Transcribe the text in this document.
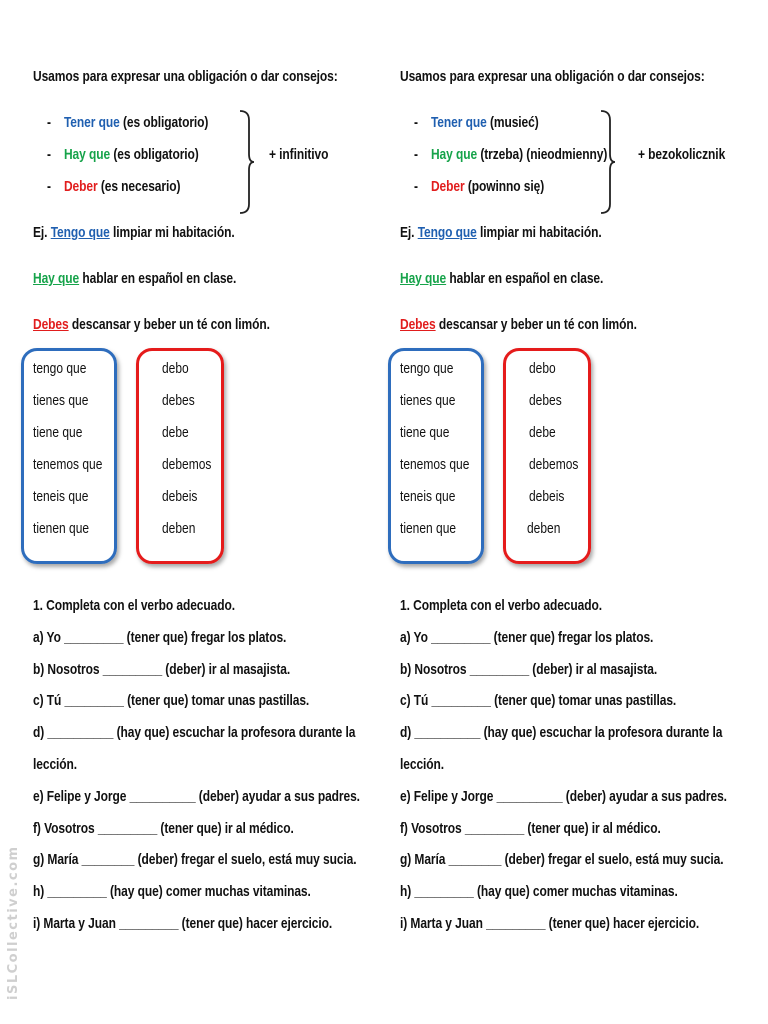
Usamos para expresar una obligación o dar consejos:
- Tener que (es obligatorio)
- Hay que (es obligatorio)
- Deber (es necesario)
+ infinitivo
Ej. Tengo que limpiar mi habitación.
Hay que hablar en español en clase.
Debes descansar y beber un té con limón.
tengo que
tienes que
tiene que
tenemos que
teneis que
tienen que
debo
debes
debe
debemos
debeis
deben
1. Completa con el verbo adecuado.
a) Yo _________ (tener que) fregar los platos.
b) Nosotros _________ (deber) ir al masajista.
c) Tú _________ (tener que) tomar unas pastillas.
d) __________ (hay que) escuchar la profesora durante la
lección.
e) Felipe y Jorge __________ (deber) ayudar a sus padres.
f) Vosotros _________ (tener que) ir al médico.
g) María ________ (deber) fregar el suelo, está muy sucia.
h) _________ (hay que) comer muchas vitaminas.
i) Marta y Juan _________ (tener que) hacer ejercicio.
Usamos para expresar una obligación o dar consejos:
- Tener que (musieć)
- Hay que (trzeba) (nieodmienny)
- Deber (powinno się)
+ bezokolicznik
Ej. Tengo que limpiar mi habitación.
Hay que hablar en español en clase.
Debes descansar y beber un té con limón.
tengo que
tienes que
tiene que
tenemos que
teneis que
tienen que
debo
debes
debe
debemos
debeis
deben
1. Completa con el verbo adecuado.
a) Yo _________ (tener que) fregar los platos.
b) Nosotros _________ (deber) ir al masajista.
c) Tú _________ (tener que) tomar unas pastillas.
d) __________ (hay que) escuchar la profesora durante la
lección.
e) Felipe y Jorge __________ (deber) ayudar a sus padres.
f) Vosotros _________ (tener que) ir al médico.
g) María ________ (deber) fregar el suelo, está muy sucia.
h) _________ (hay que) comer muchas vitaminas.
i) Marta y Juan _________ (tener que) hacer ejercicio.
iSLCollective.com
